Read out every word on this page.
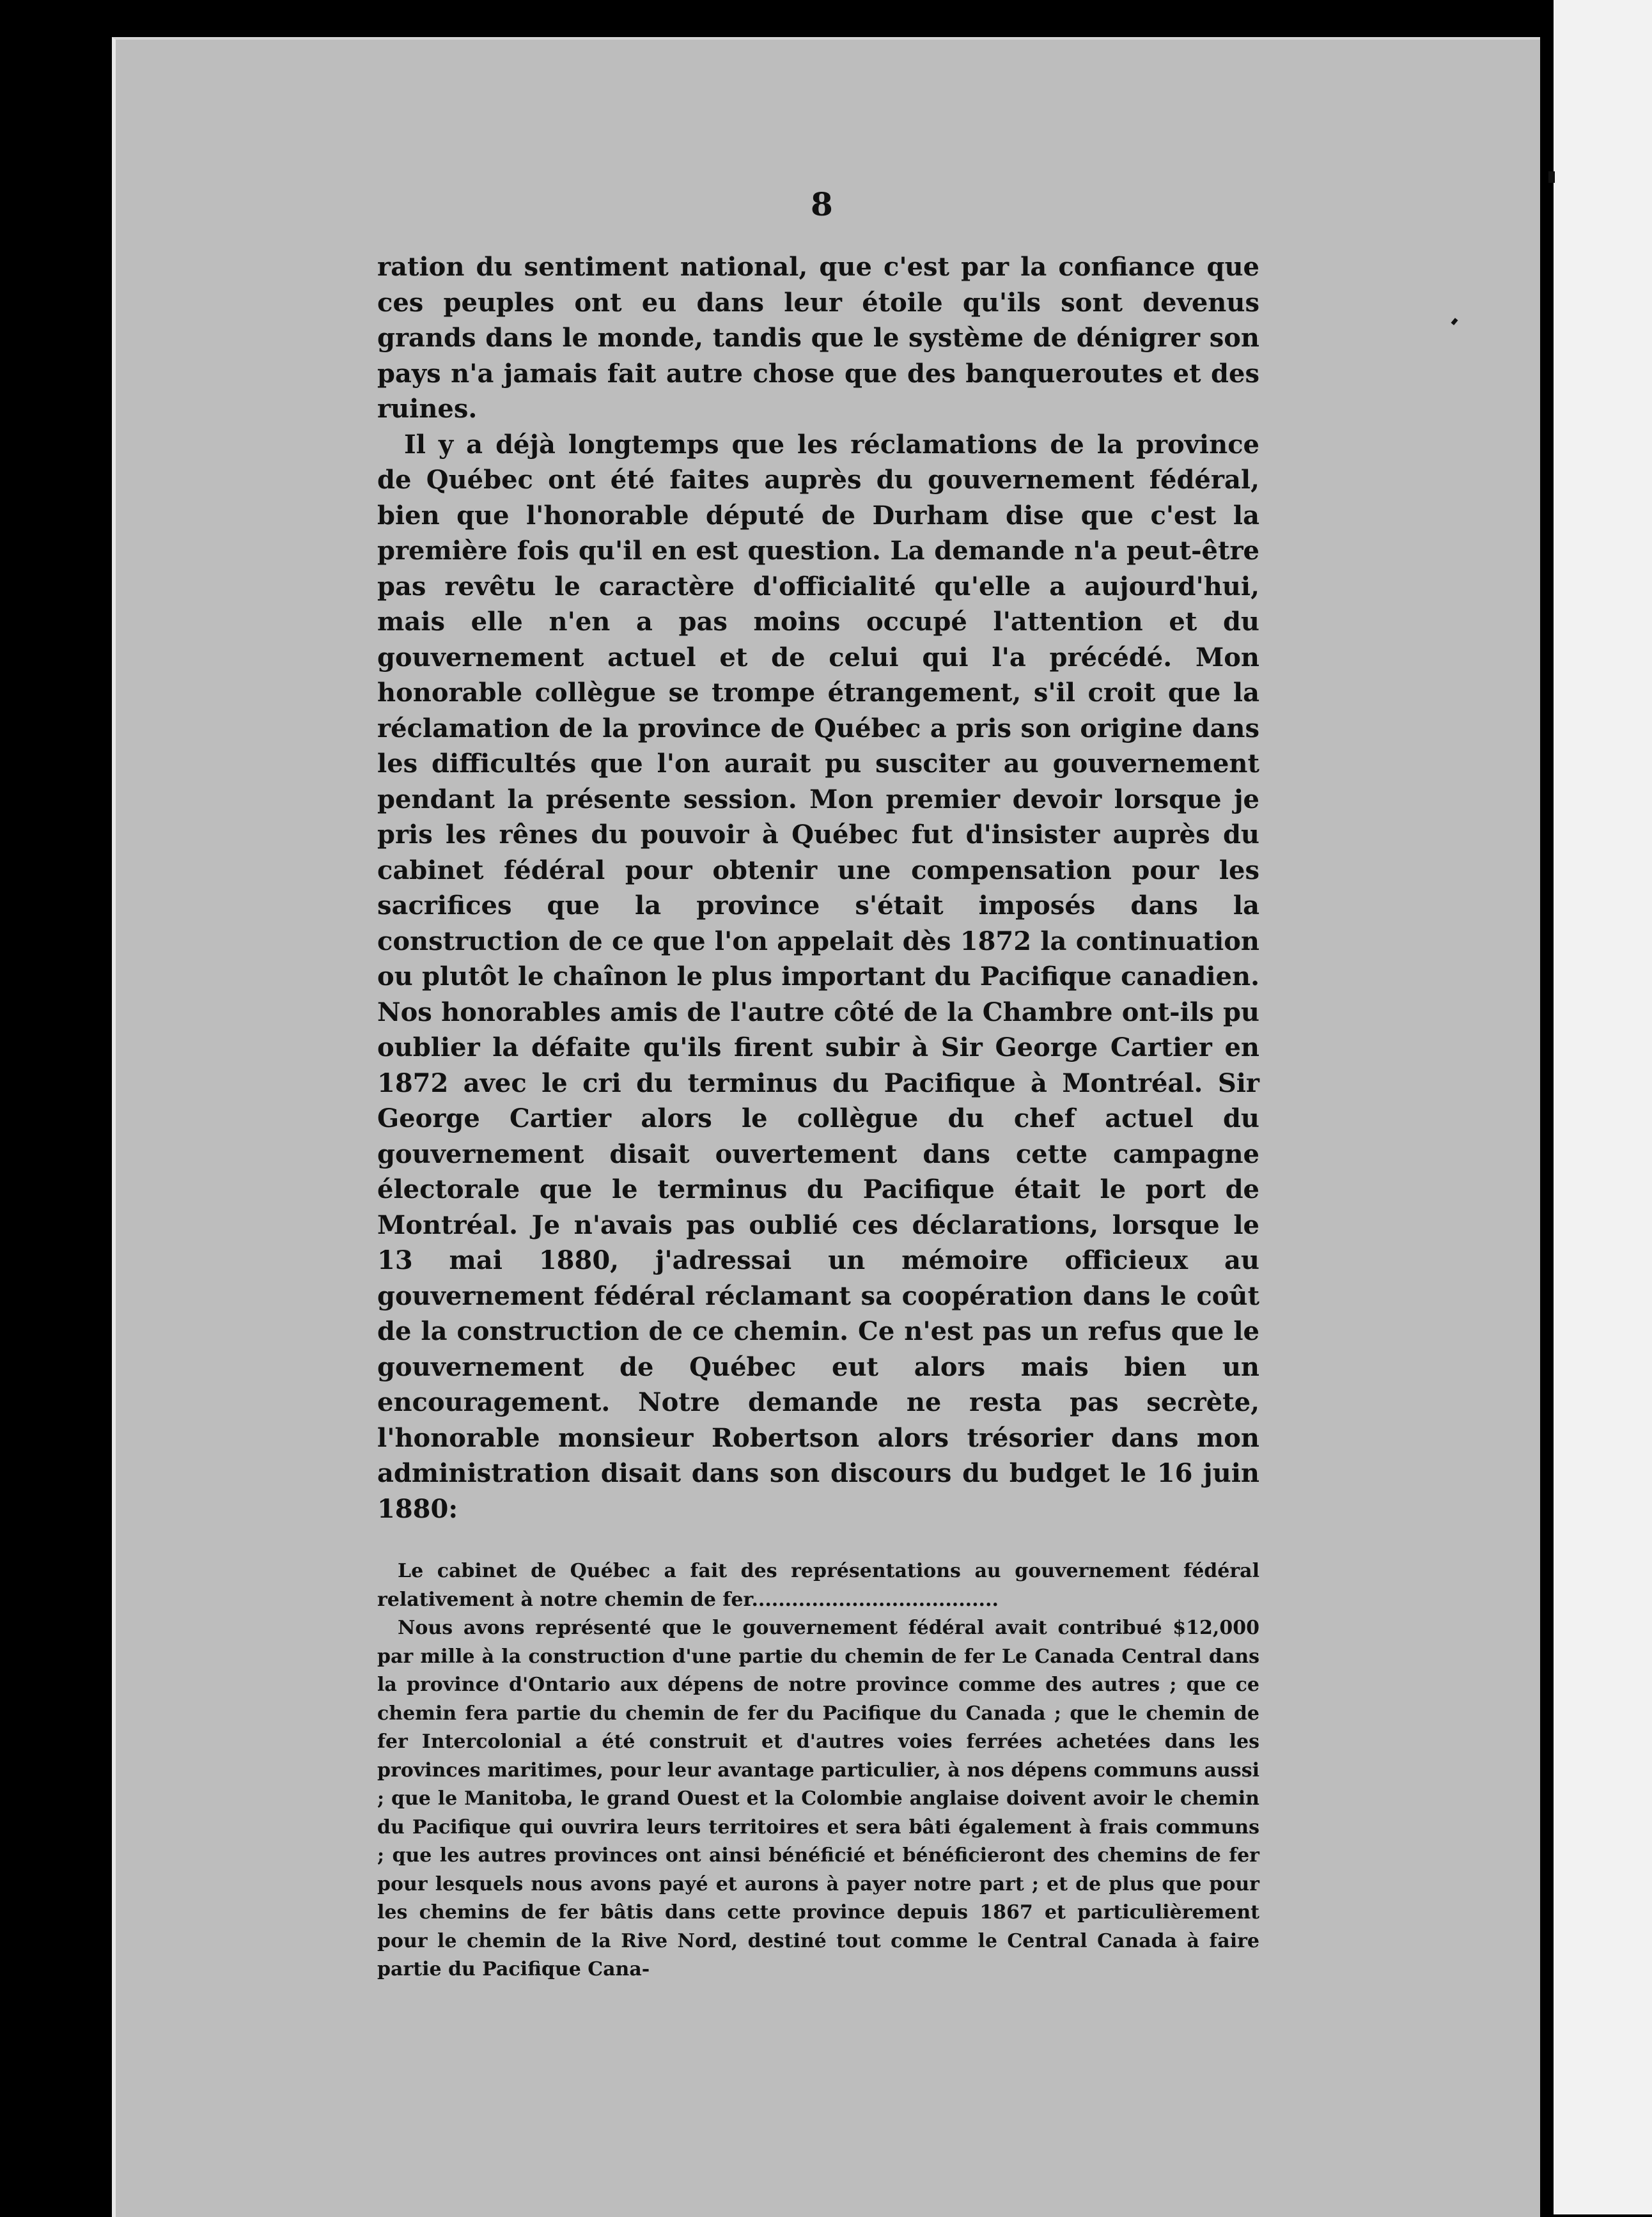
8

ration du sentiment national, que c'est par la confiance que ces peuples ont eu dans leur étoile qu'ils sont devenus grands dans le monde, tandis que le système de dénigrer son pays n'a jamais fait autre chose que des banqueroutes et des ruines.

Il y a déjà longtemps que les réclamations de la province de Québec ont été faites auprès du gouvernement fédéral, bien que l'honorable député de Durham dise que c'est la première fois qu'il en est question. La demande n'a peut-être pas revêtu le caractère d'officialité qu'elle a aujourd'hui, mais elle n'en a pas moins occupé l'attention et du gouvernement actuel et de celui qui l'a précédé. Mon honorable collègue se trompe étrangement, s'il croit que la réclamation de la province de Québec a pris son origine dans les difficultés que l'on aurait pu susciter au gouvernement pendant la présente session. Mon premier devoir lorsque je pris les rênes du pouvoir à Québec fut d'insister auprès du cabinet fédéral pour obtenir une compensation pour les sacrifices que la province s'était imposés dans la construction de ce que l'on appelait dès 1872 la continuation ou plutôt le chaînon le plus important du Pacifique canadien. Nos honorables amis de l'autre côté de la Chambre ont-ils pu oublier la défaite qu'ils firent subir à Sir George Cartier en 1872 avec le cri du terminus du Pacifique à Montréal. Sir George Cartier alors le collègue du chef actuel du gouvernement disait ouvertement dans cette campagne électorale que le terminus du Pacifique était le port de Montréal. Je n'avais pas oublié ces déclarations, lorsque le 13 mai 1880, j'adressai un mémoire officieux au gouvernement fédéral réclamant sa coopération dans le coût de la construction de ce chemin. Ce n'est pas un refus que le gouvernement de Québec eut alors mais bien un encouragement. Notre demande ne resta pas secrète, l'honorable monsieur Robertson alors trésorier dans mon administration disait dans son discours du budget le 16 juin 1880:

Le cabinet de Québec a fait des représentations au gouvernement fédéral relativement à notre chemin de fer.....................................

Nous avons représenté que le gouvernement fédéral avait contribué $12,000 par mille à la construction d'une partie du chemin de fer Le Canada Central dans la province d'Ontario aux dépens de notre province comme des autres ; que ce chemin fera partie du chemin de fer du Pacifique du Canada ; que le chemin de fer Intercolonial a été construit et d'autres voies ferrées achetées dans les provinces maritimes, pour leur avantage particulier, à nos dépens communs aussi ; que le Manitoba, le grand Ouest et la Colombie anglaise doivent avoir le chemin du Pacifique qui ouvrira leurs territoires et sera bâti également à frais communs ; que les autres provinces ont ainsi bénéficié et bénéficieront des chemins de fer pour lesquels nous avons payé et aurons à payer notre part ; et de plus que pour les chemins de fer bâtis dans cette province depuis 1867 et particulièrement pour le chemin de la Rive Nord, destiné tout comme le Central Canada à faire partie du Pacifique Cana-
